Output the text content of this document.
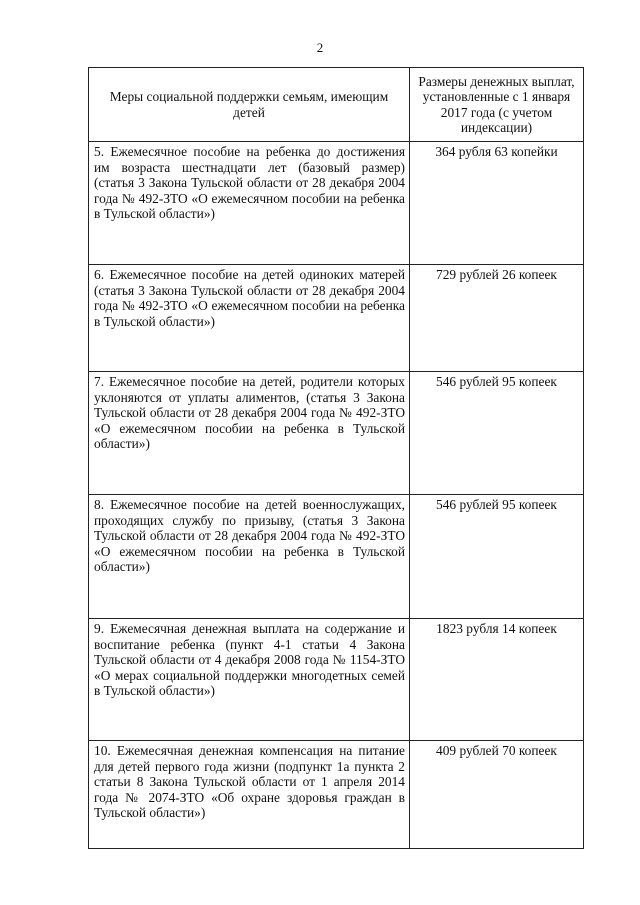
2
Меры социальной поддержки семьям, имеющим детей	Размеры денежных выплат, установленные с 1 января 2017 года (с учетом индексации)

5. Ежемесячное пособие на ребенка до достижения им возраста шестнадцати лет (базовый размер) (статья 3 Закона Тульской области от 28 декабря 2004 года № 492-ЗТО «О ежемесячном пособии на ребенка в Тульской области»)	364 рубля 63 копейки
6. Ежемесячное пособие на детей одиноких матерей (статья 3 Закона Тульской области от 28 декабря 2004 года № 492-ЗТО «О ежемесячном пособии на ребенка в Тульской области»)	729 рублей 26 копеек
7. Ежемесячное пособие на детей, родители которых уклоняются от уплаты алиментов, (статья 3 Закона Тульской области от 28 декабря 2004 года № 492-ЗТО «О ежемесячном пособии на ребенка в Тульской области»)	546 рублей 95 копеек
8. Ежемесячное пособие на детей военнослужащих, проходящих службу по призыву, (статья 3 Закона Тульской области от 28 декабря 2004 года № 492-ЗТО «О ежемесячном пособии на ребенка в Тульской области»)	546 рублей 95 копеек
9. Ежемесячная денежная выплата на содержание и воспитание ребенка (пункт 4-1 статьи 4 Закона Тульской области от 4 декабря 2008 года № 1154-ЗТО «О мерах социальной поддержки многодетных семей в Тульской области»)	1823 рубля 14 копеек
10. Ежемесячная денежная компенсация на питание для детей первого года жизни (подпункт 1а пункта 2 статьи 8 Закона Тульской области от 1 апреля 2014 года № 2074-ЗТО «Об охране здоровья граждан в Тульской области»)	409 рублей 70 копеек
